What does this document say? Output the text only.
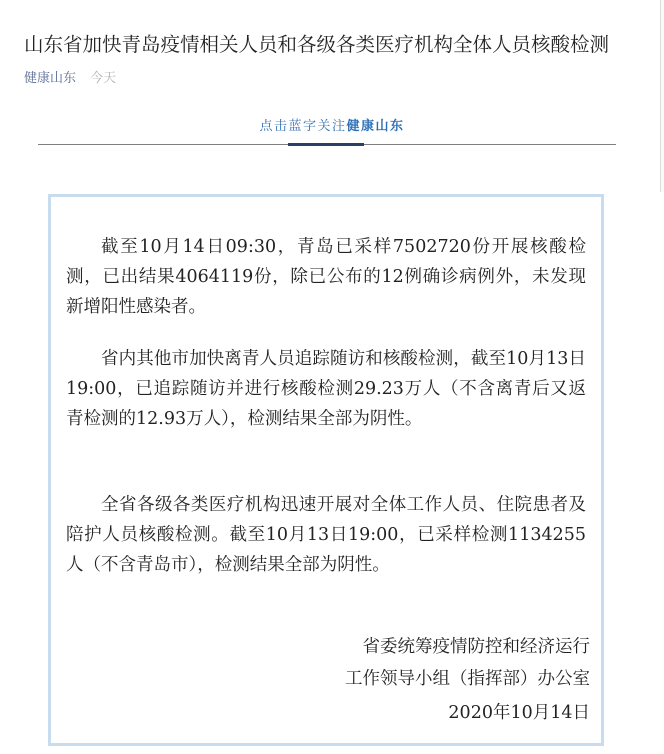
山东省加快青岛疫情相关人员和各级各类医疗机构全体人员核酸检测
健康山东 今天
点击蓝字关注健康山东

截至10月14日09:30，青岛已采样7502720份开展核酸检测，已出结果4064119份，除已公布的12例确诊病例外，未发现新增阳性感染者。

省内其他市加快离青人员追踪随访和核酸检测，截至10月13日19:00，已追踪随访并进行核酸检测29.23万人（不含离青后又返青检测的12.93万人），检测结果全部为阴性。

全省各级各类医疗机构迅速开展对全体工作人员、住院患者及陪护人员核酸检测。截至10月13日19:00，已采样检测1134255人（不含青岛市），检测结果全部为阴性。

省委统筹疫情防控和经济运行

工作领导小组（指挥部）办公室

2020年10月14日
